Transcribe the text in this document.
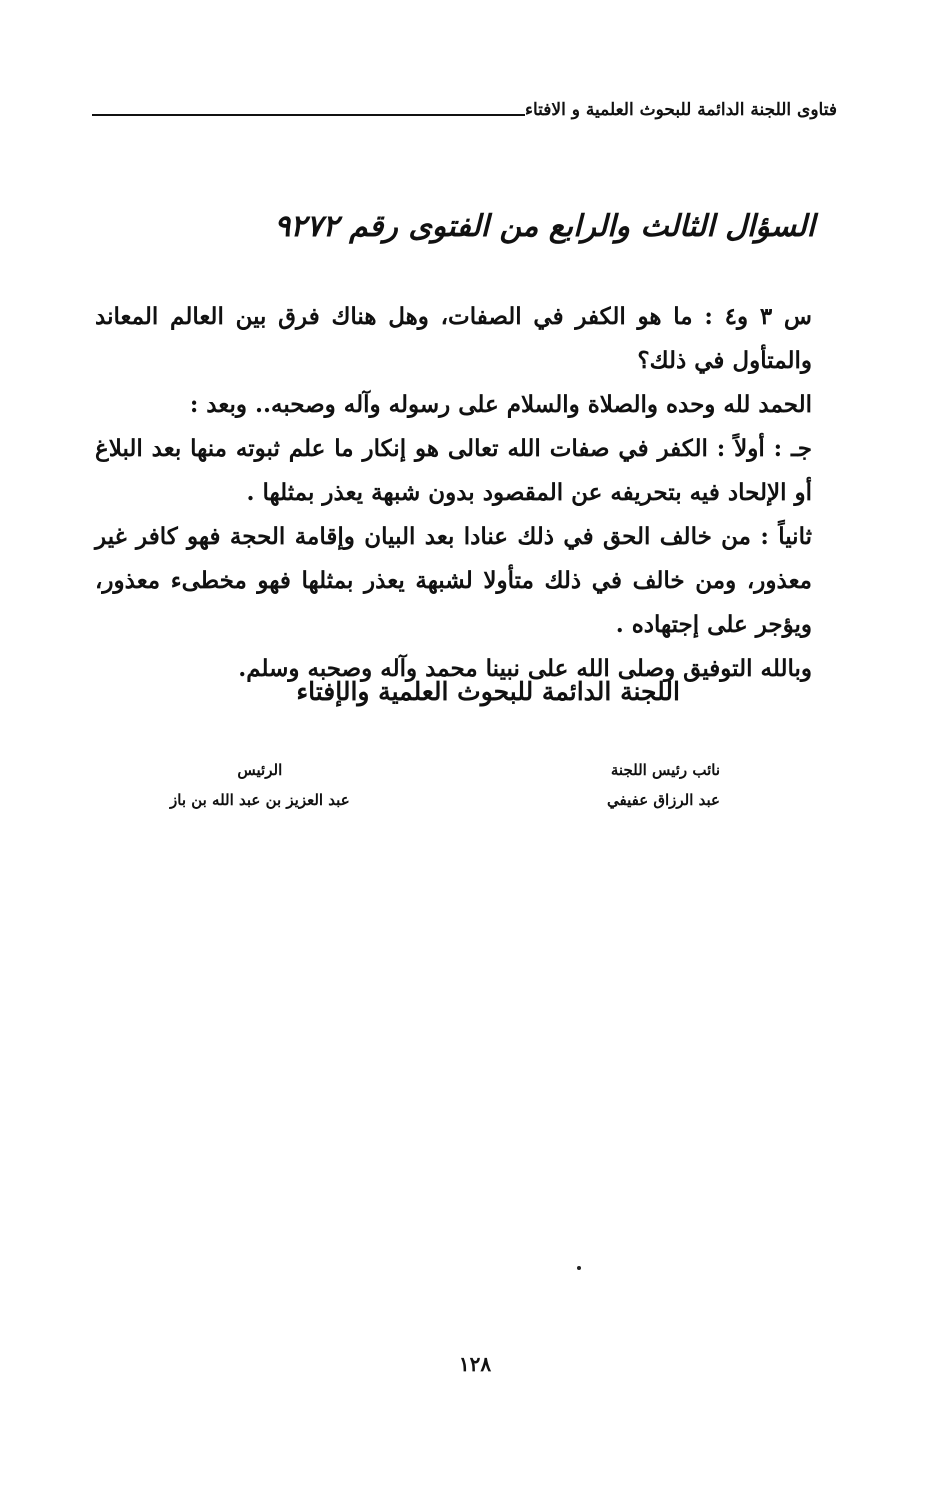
فتاوى اللجنة الدائمة للبحوث العلمية و الافتاء
السؤال الثالث والرابع من الفتوى رقم ٩٢٧٢

س ٣ و٤ : ما هو الكفر في الصفات، وهل هناك فرق بين العالم المعاند والمتأول في ذلك؟

الحمد لله وحده والصلاة والسلام على رسوله وآله وصحبه.. وبعد :

جـ : أولاً : الكفر في صفات الله تعالى هو إنكار ما علم ثبوته منها بعد البلاغ أو الإلحاد فيه بتحريفه عن المقصود بدون شبهة يعذر بمثلها .

ثانياً : من خالف الحق في ذلك عنادا بعد البيان وإقامة الحجة فهو كافر غير معذور، ومن خالف في ذلك متأولا لشبهة يعذر بمثلها فهو مخطىء معذور، ويؤجر على إجتهاده .

وبالله التوفيق وصلى الله على نبينا محمد وآله وصحبه وسلم.

اللجنة الدائمة للبحوث العلمية والإفتاء
نائب رئيس اللجنة
عبد الرزاق عفيفي
الرئيس
عبد العزيز بن عبد الله بن باز
١٢٨
